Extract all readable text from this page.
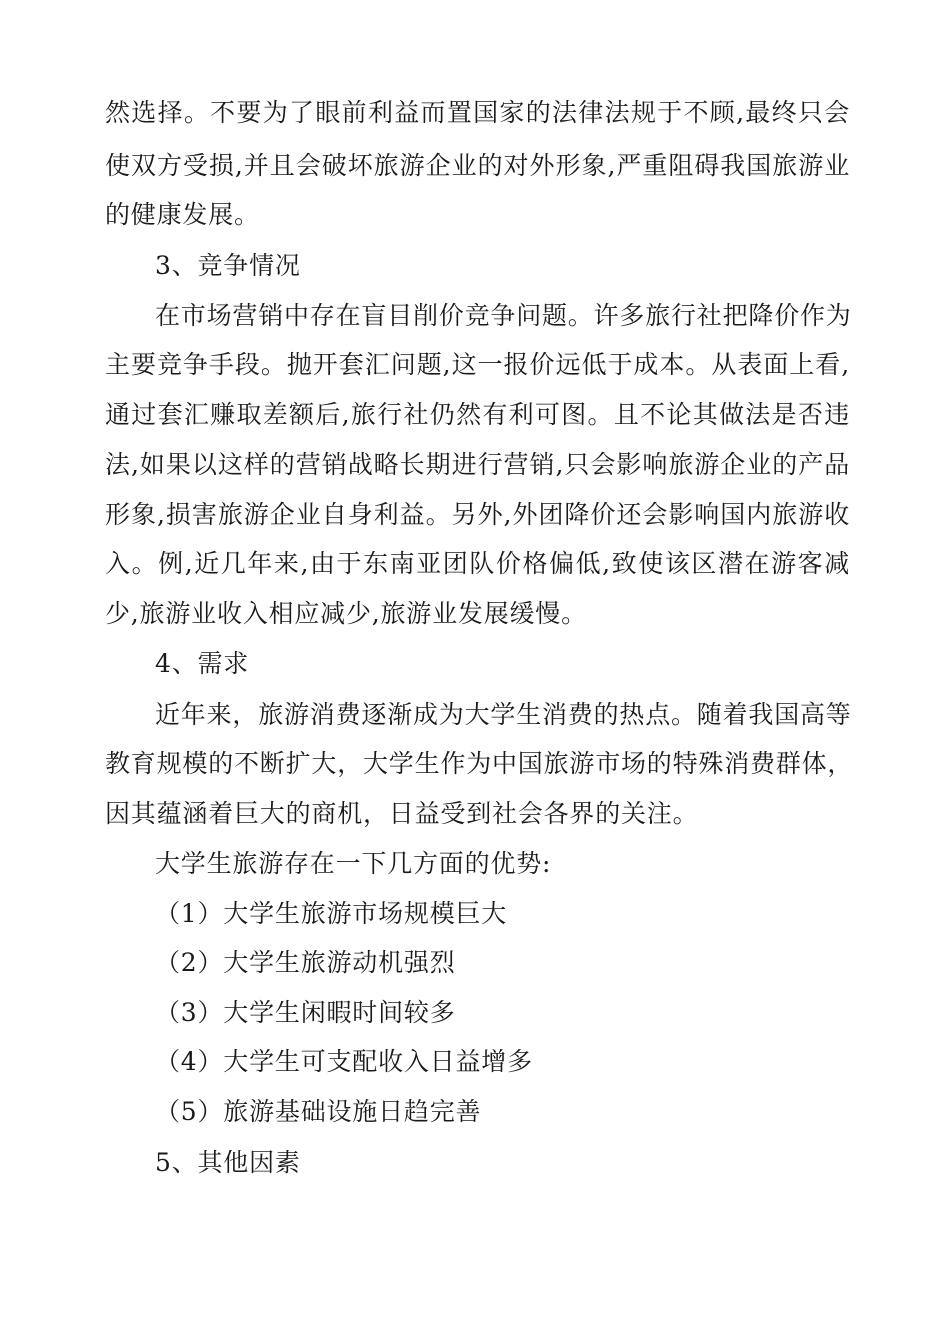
然选择。不要为了眼前利益而置国家的法律法规于不顾,最终只会
使双方受损,并且会破坏旅游企业的对外形象,严重阻碍我国旅游业
的健康发展。
3、竞争情况
在市场营销中存在盲目削价竞争问题。许多旅行社把降价作为
主要竞争手段。抛开套汇问题,这一报价远低于成本。从表面上看,
通过套汇赚取差额后,旅行社仍然有利可图。且不论其做法是否违
法,如果以这样的营销战略长期进行营销,只会影响旅游企业的产品
形象,损害旅游企业自身利益。另外,外团降价还会影响国内旅游收
入。例,近几年来,由于东南亚团队价格偏低,致使该区潜在游客减
少,旅游业收入相应减少,旅游业发展缓慢。
4、需求
近年来，旅游消费逐渐成为大学生消费的热点。随着我国高等
教育规模的不断扩大，大学生作为中国旅游市场的特殊消费群体，
因其蕴涵着巨大的商机，日益受到社会各界的关注。
大学生旅游存在一下几方面的优势:
（1）大学生旅游市场规模巨大
（2）大学生旅游动机强烈
（3）大学生闲暇时间较多
（4）大学生可支配收入日益增多
（5）旅游基础设施日趋完善
5、其他因素
